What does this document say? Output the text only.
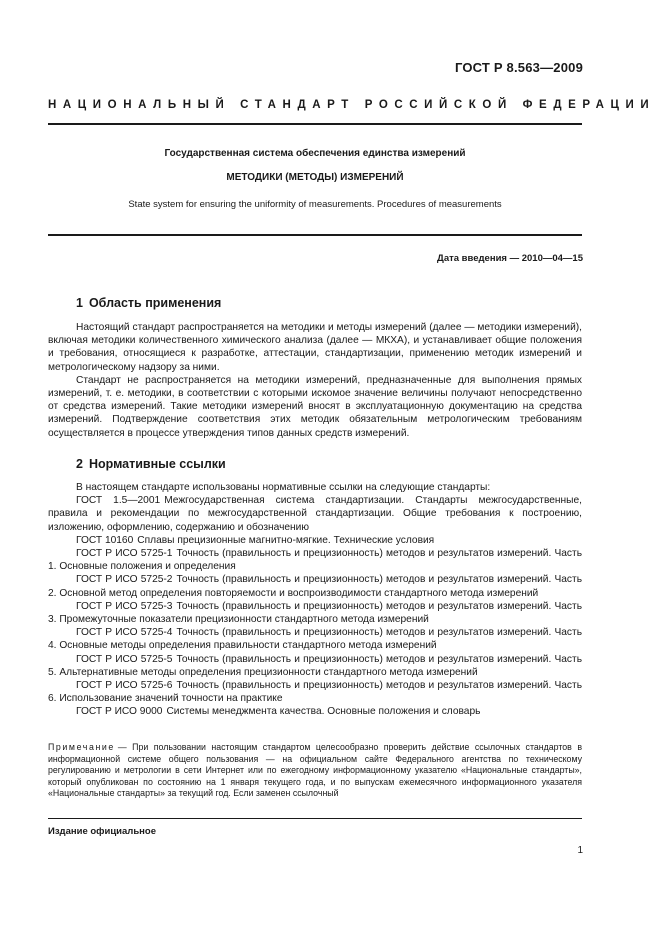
ГОСТ Р 8.563—2009
НАЦИОНАЛЬНЫЙ СТАНДАРТ РОССИЙСКОЙ ФЕДЕРАЦИИ
Государственная система обеспечения единства измерений
МЕТОДИКИ (МЕТОДЫ) ИЗМЕРЕНИЙ
State system for ensuring the uniformity of measurements. Procedures of measurements
Дата введения — 2010—04—15
1 Область применения

Настоящий стандарт распространяется на методики и методы измерений (далее — методики измерений), включая методики количественного химического анализа (далее — МКХА), и устанавливает общие положения и требования, относящиеся к разработке, аттестации, стандартизации, применению методик измерений и метрологическому надзору за ними.

Стандарт не распространяется на методики измерений, предназначенные для выполнения прямых измерений, т. е. методики, в соответствии с которыми искомое значение величины получают непосредственно от средства измерений. Такие методики измерений вносят в эксплуатационную документацию на средства измерений. Подтверждение соответствия этих методик обязательным метрологическим требованиям осуществляется в процессе утверждения типов данных средств измерений.

2 Нормативные ссылки

В настоящем стандарте использованы нормативные ссылки на следующие стандарты:

ГОСТ 1.5—2001 Межгосударственная система стандартизации. Стандарты межгосударственные, правила и рекомендации по межгосударственной стандартизации. Общие требования к построению, изложению, оформлению, содержанию и обозначению

ГОСТ 10160 Сплавы прецизионные магнитно-мягкие. Технические условия

ГОСТ Р ИСО 5725-1 Точность (правильность и прецизионность) методов и результатов измерений. Часть 1. Основные положения и определения

ГОСТ Р ИСО 5725-2 Точность (правильность и прецизионность) методов и результатов измерений. Часть 2. Основной метод определения повторяемости и воспроизводимости стандартного метода измерений

ГОСТ Р ИСО 5725-3 Точность (правильность и прецизионность) методов и результатов измерений. Часть 3. Промежуточные показатели прецизионности стандартного метода измерений

ГОСТ Р ИСО 5725-4 Точность (правильность и прецизионность) методов и результатов измерений. Часть 4. Основные методы определения правильности стандартного метода измерений

ГОСТ Р ИСО 5725-5 Точность (правильность и прецизионность) методов и результатов измерений. Часть 5. Альтернативные методы определения прецизионности стандартного метода измерений

ГОСТ Р ИСО 5725-6 Точность (правильность и прецизионность) методов и результатов измерений. Часть 6. Использование значений точности на практике

ГОСТ Р ИСО 9000 Системы менеджмента качества. Основные положения и словарь

Примечание — При пользовании настоящим стандартом целесообразно проверить действие ссылочных стандартов в информационной системе общего пользования — на официальном сайте Федерального агентства по техническому регулированию и метрологии в сети Интернет или по ежегодному информационному указателю «Национальные стандарты», который опубликован по состоянию на 1 января текущего года, и по выпускам ежемесячного информационного указателя «Национальные стандарты» за текущий год. Если заменен ссылочный
Издание официальное
1
